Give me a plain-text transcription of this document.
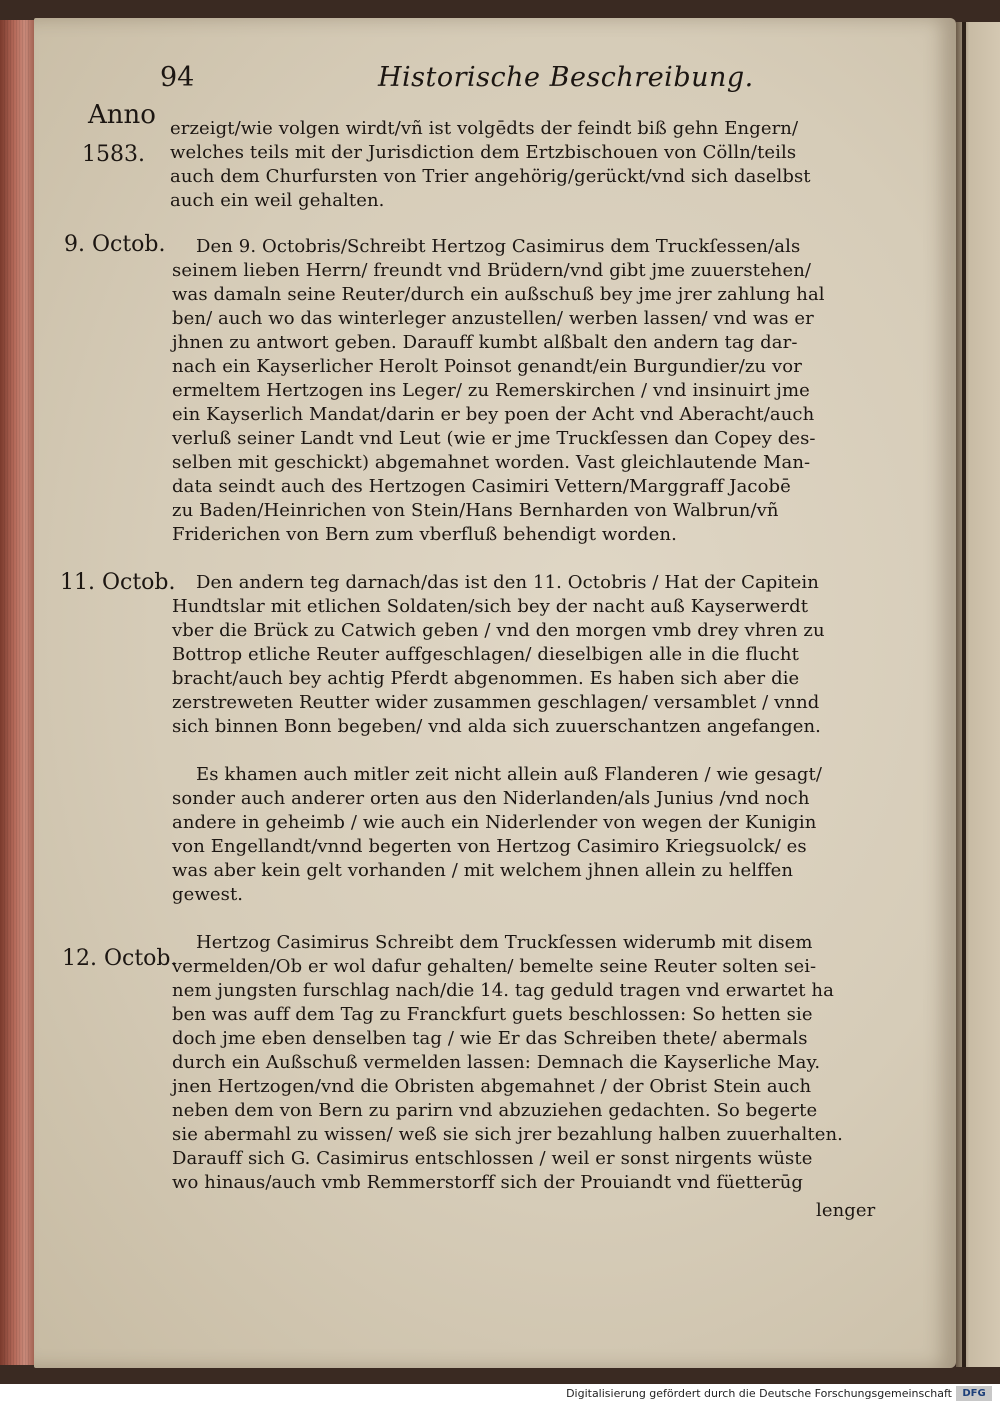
94	Historische Beschreibung.
Anno
1583.
9. Octob.
11. Octob.
12. Octob.
erzeigt/wie volgen wirdt/vñ ist volgēdts der feindt biß gehn Engern/
welches teils mit der Jurisdiction dem Ertzbischouen von Cölln/teils
auch dem Churfursten von Trier angehörig/gerückt/vnd sich daselbst
auch ein weil gehalten.
Den 9. Octobris/Schreibt Hertzog Casimirus dem Truckſessen/als
seinem lieben Herrn/ freundt vnd Brüdern/vnd gibt jme zuuerstehen/
was damaln seine Reuter/durch ein außschuß bey jme jrer zahlung hal
ben/ auch wo das winterleger anzustellen/ werben lassen/ vnd was er
jhnen zu antwort geben. Darauff kumbt alßbalt den andern tag dar-
nach ein Kayserlicher Herolt Poinsot genandt/ein Burgundier/zu vor
ermeltem Hertzogen ins Leger/ zu Remerskirchen / vnd insinuirt jme
ein Kayserlich Mandat/darin er bey poen der Acht vnd Aberacht/auch
verluß seiner Landt vnd Leut (wie er jme Truckſessen dan Copey des-
selben mit geschickt) abgemahnet worden. Vast gleichlautende Man-
data seindt auch des Hertzogen Casimiri Vettern/Marggraff Jacobē
zu Baden/Heinrichen von Stein/Hans Bernharden von Walbrun/vñ
Friderichen von Bern zum vberfluß behendigt worden.
Den andern teg darnach/das ist den 11. Octobris / Hat der Capitein
Hundtslar mit etlichen Soldaten/sich bey der nacht auß Kayserwerdt
vber die Brück zu Catwich geben / vnd den morgen vmb drey vhren zu
Bottrop etliche Reuter auffgeschlagen/ dieselbigen alle in die flucht
bracht/auch bey achtig Pferdt abgenommen. Es haben sich aber die
zerstreweten Reutter wider zusammen geschlagen/ versamblet / vnnd
sich binnen Bonn begeben/ vnd alda sich zuuerschantzen angefangen.
Es khamen auch mitler zeit nicht allein auß Flanderen / wie gesagt/
sonder auch anderer orten aus den Niderlanden/als Junius /vnd noch
andere in geheimb / wie auch ein Niderlender von wegen der Kunigin
von Engellandt/vnnd begerten von Hertzog Casimiro Kriegsuolck/ es
was aber kein gelt vorhanden / mit welchem jhnen allein zu helffen
gewest.
Hertzog Casimirus Schreibt dem Truckſessen widerumb mit disem
vermelden/Ob er wol dafur gehalten/ bemelte seine Reuter solten sei-
nem jungsten furschlag nach/die 14. tag geduld tragen vnd erwartet ha
ben was auff dem Tag zu Franckfurt guets beschlossen: So hetten sie
doch jme eben denselben tag / wie Er das Schreiben thete/ abermals
durch ein Außschuß vermelden lassen: Demnach die Kayserliche May.
jnen Hertzogen/vnd die Obristen abgemahnet / der Obrist Stein auch
neben dem von Bern zu parirn vnd abzuziehen gedachten. So begerte
sie abermahl zu wissen/ weß sie sich jrer bezahlung halben zuuerhalten.
Darauff sich G. Casimirus entschlossen / weil er sonst nirgents wüste
wo hinaus/auch vmb Remmerstorff sich der Prouiandt vnd füetterūg
lenger
Digitalisierung gefördert durch die Deutsche Forschungsgemeinschaft	DFG
